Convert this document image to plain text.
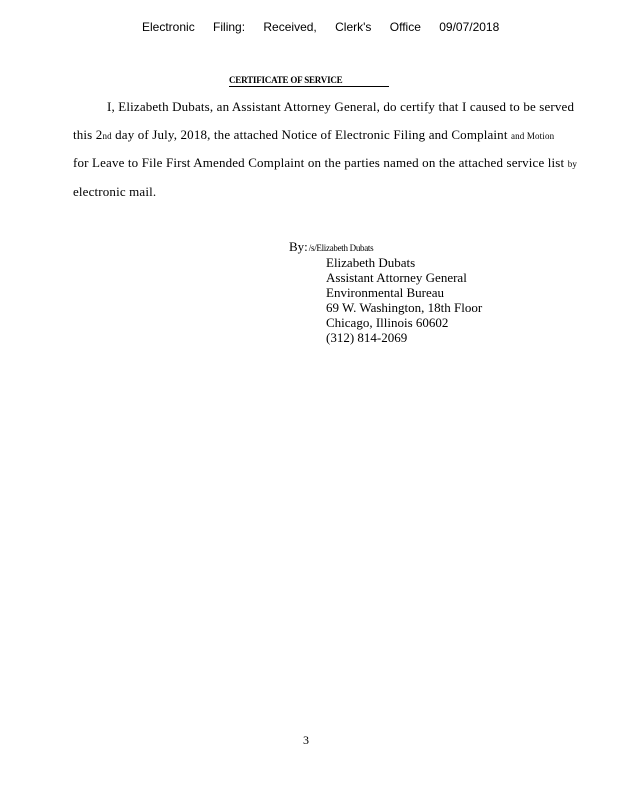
Electronic Filing: Received, Clerk's Office 09/07/2018
CERTIFICATE OF SERVICE
I, Elizabeth Dubats, an Assistant Attorney General, do certify that I caused to be served
this 2nd day of July, 2018, the attached Notice of Electronic Filing and Complaint and Motion
for Leave to File First Amended Complaint on the parties named on the attached service list by
electronic mail.
By:/s/Elizabeth Dubats
Elizabeth Dubats
Assistant Attorney General
Environmental Bureau
69 W. Washington, 18th Floor
Chicago, Illinois 60602
(312) 814-2069
3
